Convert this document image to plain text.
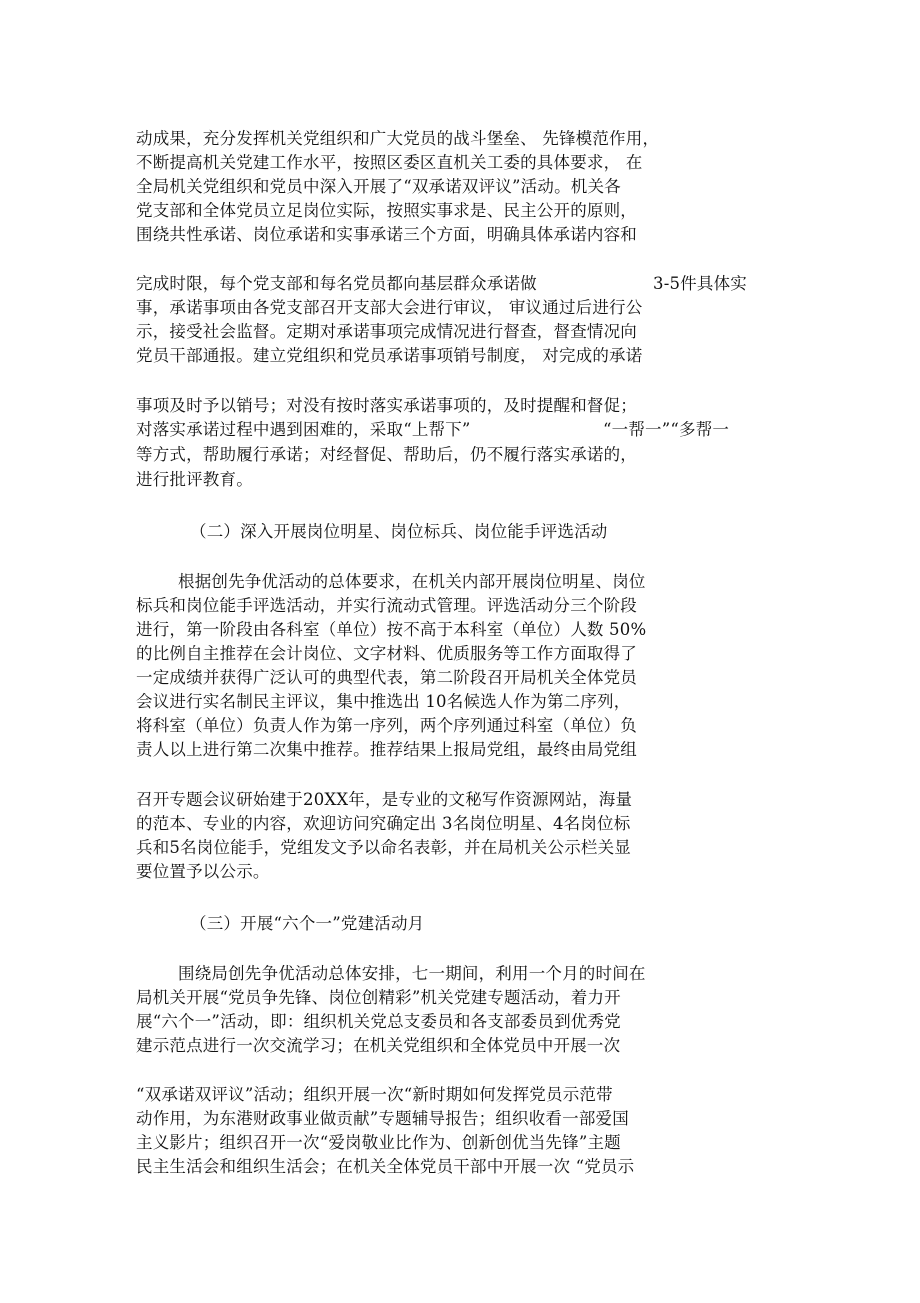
动成果，充分发挥机关党组织和广大党员的战斗堡垒、 先锋模范作用，
不断提高机关党建工作水平，按照区委区直机关工委的具体要求， 在
全局机关党组织和党员中深入开展了“双承诺双评议”活动。机关各
党支部和全体党员立足岗位实际，按照实事求是、民主公开的原则，
围绕共性承诺、岗位承诺和实事承诺三个方面，明确具体承诺内容和
完成时限，每个党支部和每名党员都向基层群众承诺做	3-5件具体实
事，承诺事项由各党支部召开支部大会进行审议， 审议通过后进行公
示，接受社会监督。定期对承诺事项完成情况进行督查，督查情况向
党员干部通报。建立党组织和党员承诺事项销号制度， 对完成的承诺
事项及时予以销号；对没有按时落实承诺事项的，及时提醒和督促；
对落实承诺过程中遇到困难的，采取“上帮下”	“一帮一”“多帮一
等方式，帮助履行承诺；对经督促、帮助后，仍不履行落实承诺的，
进行批评教育。
（二）深入开展岗位明星、岗位标兵、岗位能手评选活动
根据创先争优活动的总体要求，在机关内部开展岗位明星、岗位
标兵和岗位能手评选活动，并实行流动式管理。评选活动分三个阶段
进行，第一阶段由各科室（单位）按不高于本科室（单位）人数 50%
的比例自主推荐在会计岗位、文字材料、优质服务等工作方面取得了
一定成绩并获得广泛认可的典型代表，第二阶段召开局机关全体党员
会议进行实名制民主评议，集中推选出 10名候选人作为第二序列，
将科室（单位）负责人作为第一序列，两个序列通过科室（单位）负
责人以上进行第二次集中推荐。推荐结果上报局党组，最终由局党组
召开专题会议研始建于20XX年，是专业的文秘写作资源网站，海量
的范本、专业的内容，欢迎访问究确定出 3名岗位明星、4名岗位标
兵和5名岗位能手，党组发文予以命名表彰，并在局机关公示栏关显
要位置予以公示。
（三）开展“六个一”党建活动月
围绕局创先争优活动总体安排，七一期间，利用一个月的时间在
局机关开展“党员争先锋、岗位创精彩”机关党建专题活动，着力开
展“六个一”活动，即：组织机关党总支委员和各支部委员到优秀党
建示范点进行一次交流学习；在机关党组织和全体党员中开展一次
“双承诺双评议”活动；组织开展一次“新时期如何发挥党员示范带
动作用，为东港财政事业做贡献”专题辅导报告；组织收看一部爱国
主义影片；组织召开一次“爱岗敬业比作为、创新创优当先锋”主题
民主生活会和组织生活会；在机关全体党员干部中开展一次 “党员示
